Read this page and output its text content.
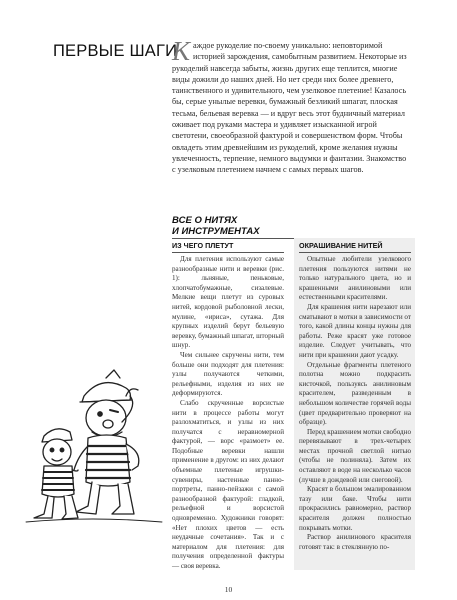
ПЕРВЫЕ ШАГИ

Каждое рукоделие по-своему уникально: неповторимой историей зарождения, самобытным развитием. Некоторые из рукоделий навсегда забыты, жизнь других еще теплится, многие виды дожили до наших дней. Но нет среди них более древнего, таинственного и удивительного, чем узелковое плетение! Казалось бы, серые унылые веревки, бумажный безликий шпагат, плоская тесьма, бельевая веревка — и вдруг весь этот будничный материал оживает под руками мастера и удивляет изысканной игрой светотени, своеобразной фактурой и совершенством форм. Чтобы овладеть этим древнейшим из рукоделий, кроме желания нужны увлеченность, терпение, немного выдумки и фантазии. Знакомство с узелковым плетением начнем с самых первых шагов.

ВСЕ О НИТЯХ
И ИНСТРУМЕНТАХ
ИЗ ЧЕГО ПЛЕТУТ

Для плетения используют самые разнообразные нити и веревки (рис. 1): льняные, пеньковые, хлопчатобумажные, сизалевые. Мелкие вещи плетут из суровых нитей, кордовой рыболовной лески, мулине, «ириса», сутажа. Для крупных изделий берут бельевую веревку, бумажный шпагат, шторный шнур.

Чем сильнее скручены нити, тем больше они подходят для плетения: узлы получаются четкими, рельефными, изделия из них не деформируются.

Слабо скрученные ворсистые нити в процессе работы могут разлохматиться, и узлы из них получатся с неравномерной фактурой, — ворс «размоет» ее. Подобные веревки нашли применение в другом: из них делают объемные плетеные игрушки-сувениры, настенные панно-портреты, панно-пейзажи с самой разнообразной фактурой: гладкой, рельефной и ворсистой одновременно. Художники говорят: «Нет плохих цветов — есть неудачные сочетания». Так и с материалом для плетения: для получения определенной фактуры — своя веревка.

ОКРАШИВАНИЕ НИТЕЙ

Опытные любители узелкового плетения пользуются нитями не только натурального цвета, но и крашенными анилиновыми или естественными красителями.

Для крашения нити нарезают или сматывают в мотки в зависимости от того, какой длины концы нужны для работы. Реже красят уже готовое изделие. Следует учитывать, что нити при крашении дают усадку.

Отдельные фрагменты плетеного полотна можно подкрасить кисточкой, пользуясь анилиновым красителем, разведенным в небольшом количестве горячей воды (цвет предварительно проверяют на образце).

Перед крашением мотки свободно перевязывают в трех-четырех местах прочной светлой нитью (чтобы не полиняла). Затем их оставляют в воде на несколько часов (лучше в дождевой или снеговой).

Красят в большом эмалированном тазу или баке. Чтобы нити прокрасились равномерно, раствор красителя должен полностью покрывать мотки.

Раствор анилинового красителя готовят так: в стеклянную по-

10
